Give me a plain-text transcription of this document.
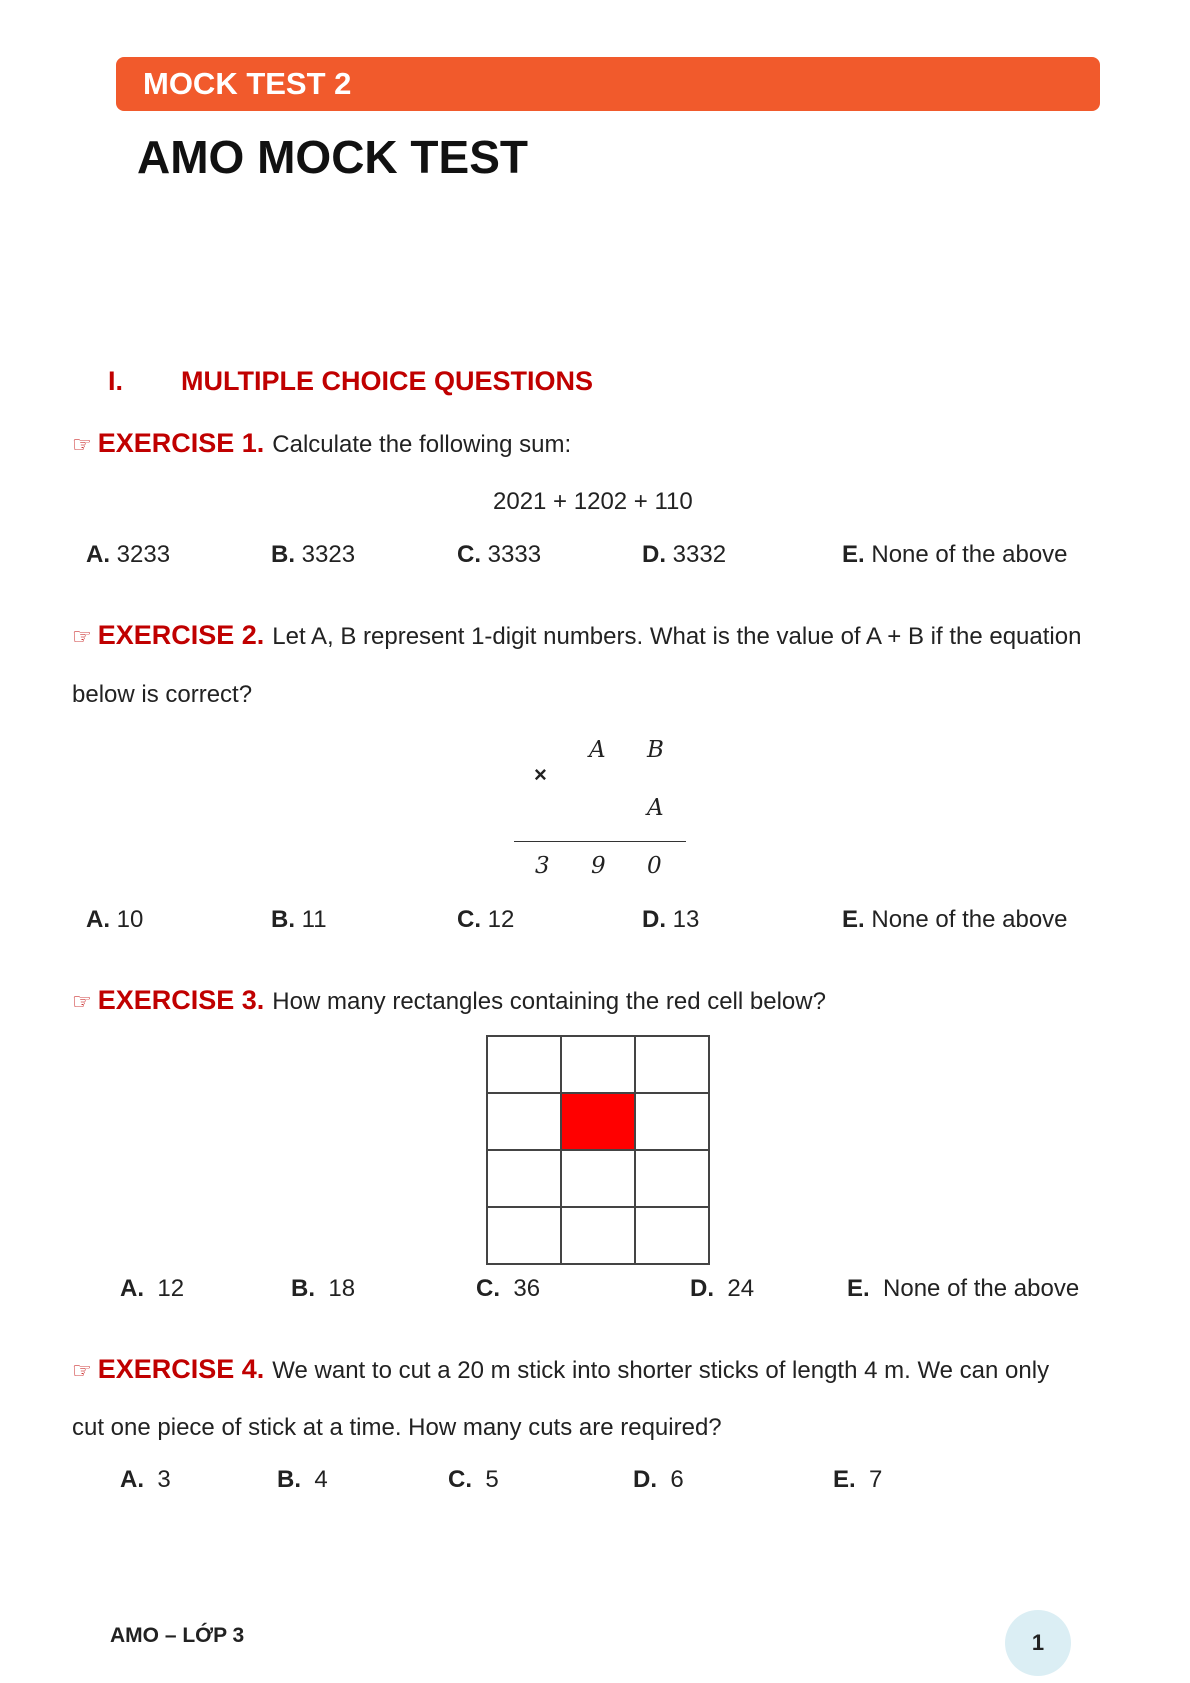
MOCK TEST 2
AMO MOCK TEST
I. MULTIPLE CHOICE QUESTIONS
☞ EXERCISE 1. Calculate the following sum:
2021 + 1202 + 110
A. 3233	B. 3323	C. 3333	D. 3332	E. None of the above
☞ EXERCISE 2. Let A, B represent 1-digit numbers. What is the value of A + B if the equation
below is correct?
A B
×
A
3 9 0
A. 10	B. 11	C. 12	D. 13	E. None of the above
☞ EXERCISE 3. How many rectangles containing the red cell below?
A. 12	B. 18	C. 36	D. 24	E. None of the above
☞ EXERCISE 4. We want to cut a 20 m stick into shorter sticks of length 4 m. We can only
cut one piece of stick at a time. How many cuts are required?
A. 3	B. 4	C. 5	D. 6	E. 7
AMO – LỚP 3	1
